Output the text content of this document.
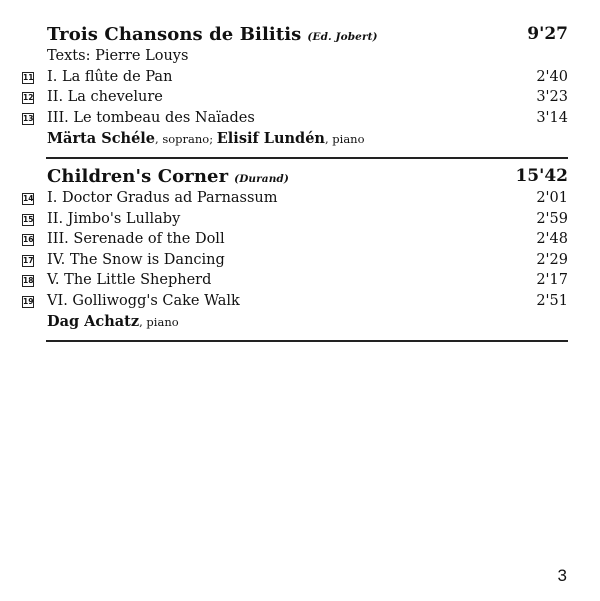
Trois Chansons de Bilitis (Ed. Jobert)	9'27
Texts: Pierre Louys
11 I. La flûte de Pan	2'40
12 II. La chevelure	3'23
13 III. Le tombeau des Naïades	3'14
Märta Schéle, soprano; Elisif Lundén, piano
Children's Corner (Durand)	15'42
14 I. Doctor Gradus ad Parnassum	2'01
15 II. Jimbo's Lullaby	2'59
16 III. Serenade of the Doll	2'48
17 IV. The Snow is Dancing	2'29
18 V. The Little Shepherd	2'17
19 VI. Golliwogg's Cake Walk	2'51
Dag Achatz, piano
3
